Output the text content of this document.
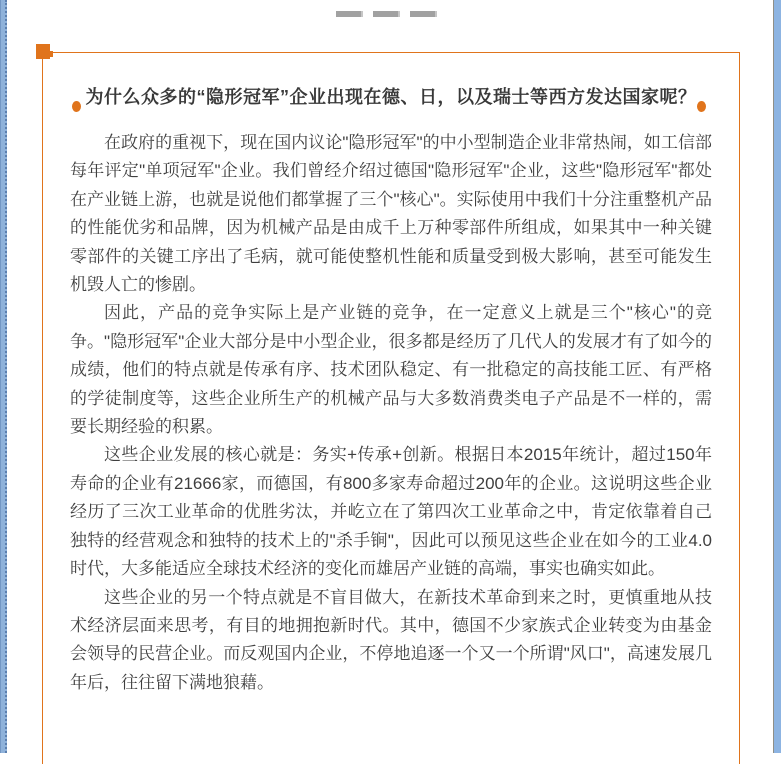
为什么众多的“隐形冠军”企业出现在德、日，以及瑞士等西方发达国家呢？

在政府的重视下，现在国内议论"隐形冠军"的中小型制造企业非常热闹，如工信部每年评定"单项冠军"企业。我们曾经介绍过德国"隐形冠军"企业，这些"隐形冠军"都处在产业链上游，也就是说他们都掌握了三个"核心"。实际使用中我们十分注重整机产品的性能优劣和品牌，因为机械产品是由成千上万种零部件所组成，如果其中一种关键零部件的关键工序出了毛病，就可能使整机性能和质量受到极大影响，甚至可能发生机毁人亡的惨剧。

因此，产品的竞争实际上是产业链的竞争，在一定意义上就是三个"核心"的竞争。"隐形冠军"企业大部分是中小型企业，很多都是经历了几代人的发展才有了如今的成绩，他们的特点就是传承有序、技术团队稳定、有一批稳定的高技能工匠、有严格的学徒制度等，这些企业所生产的机械产品与大多数消费类电子产品是不一样的，需要长期经验的积累。

这些企业发展的核心就是：务实+传承+创新。根据日本2015年统计，超过150年寿命的企业有21666家，而德国，有800多家寿命超过200年的企业。这说明这些企业经历了三次工业革命的优胜劣汰，并屹立在了第四次工业革命之中，肯定依靠着自己独特的经营观念和独特的技术上的"杀手锏"，因此可以预见这些企业在如今的工业4.0时代，大多能适应全球技术经济的变化而雄居产业链的高端，事实也确实如此。

这些企业的另一个特点就是不盲目做大，在新技术革命到来之时，更慎重地从技术经济层面来思考，有目的地拥抱新时代。其中，德国不少家族式企业转变为由基金会领导的民营企业。而反观国内企业，不停地追逐一个又一个所谓"风口"，高速发展几年后，往往留下满地狼藉。
